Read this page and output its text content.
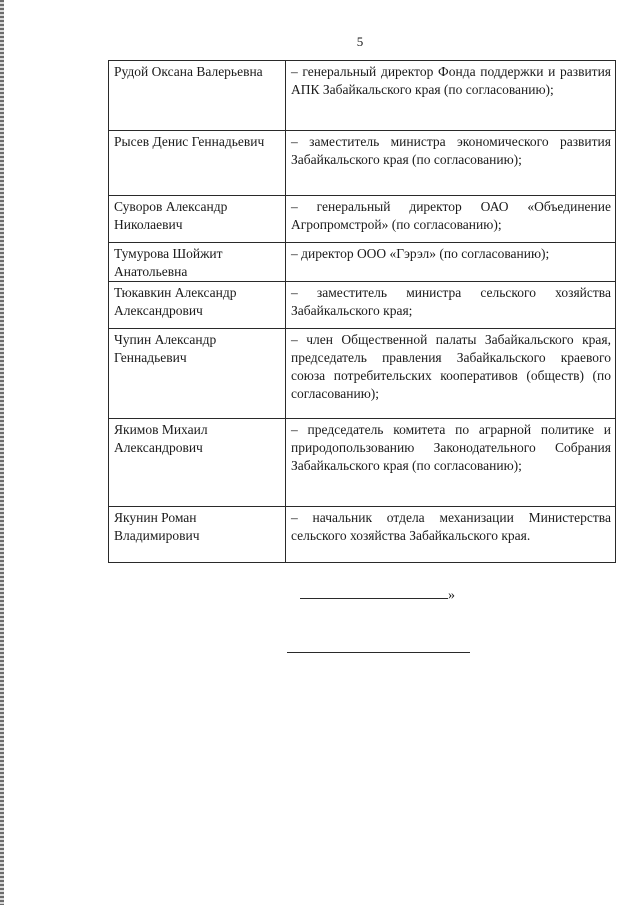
5
Рудой Оксана Валерьевна	– генеральный директор Фонда поддержки и развития АПК Забайкальского края (по согласованию);
Рысев Денис Геннадьевич	– заместитель министра экономического развития Забайкальского края (по согласованию);
Суворов Александр Николаевич	– генеральный директор ОАО «Объединение Агропромстрой» (по согласованию);
Тумурова Шойжит Анатольевна	– директор ООО «Гэрэл» (по согласованию);
Тюкавкин Александр Александрович	– заместитель министра сельского хозяйства Забайкальского края;
Чупин Александр Геннадьевич	– член Общественной палаты Забайкальского края, председатель правления Забайкальского краевого союза потребительских кооперативов (обществ) (по согласованию);
Якимов Михаил Александрович	– председатель комитета по аграрной политике и природопользованию Законодательного Собрания Забайкальского края (по согласованию);
Якунин Роман Владимирович	– начальник отдела механизации Министерства сельского хозяйства Забайкальского края.
»
